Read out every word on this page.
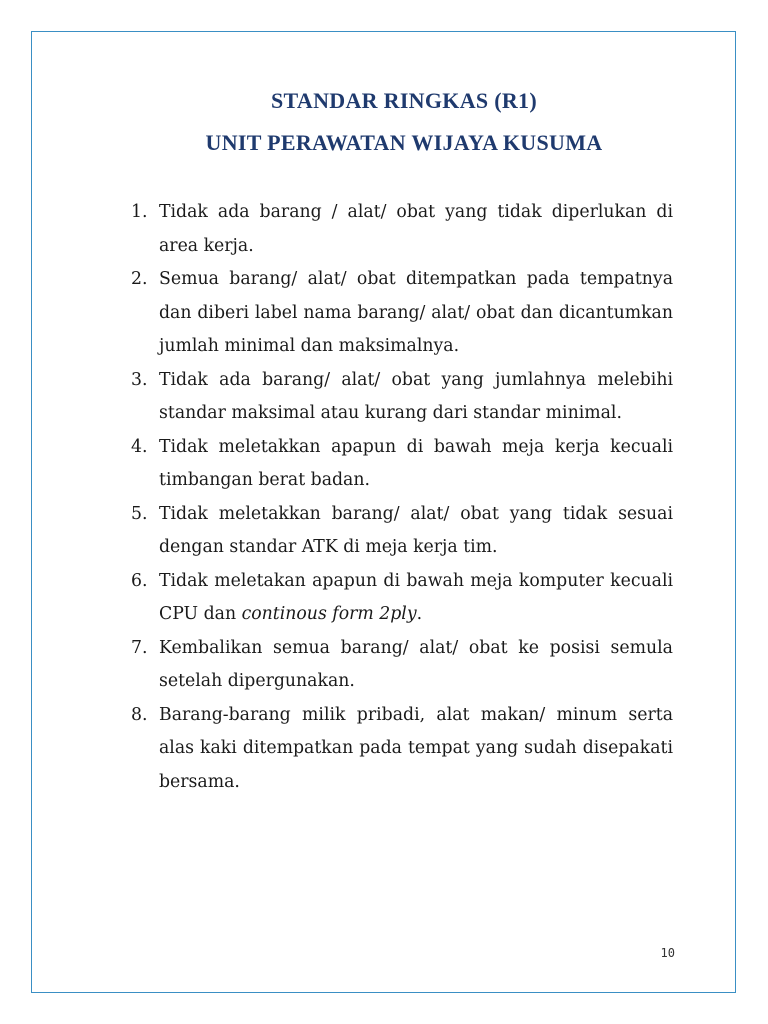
STANDAR RINGKAS (R1)
UNIT PERAWATAN WIJAYA KUSUMA
1. Tidak ada barang / alat/ obat yang tidak diperlukan di area kerja.
2. Semua barang/ alat/ obat ditempatkan pada tempatnya dan diberi label nama barang/ alat/ obat dan dicantumkan jumlah minimal dan maksimalnya.
3. Tidak ada barang/ alat/ obat yang jumlahnya melebihi standar maksimal atau kurang dari standar minimal.
4. Tidak meletakkan apapun di bawah meja kerja kecuali timbangan berat badan.
5. Tidak meletakkan barang/ alat/ obat yang tidak sesuai dengan standar ATK di meja kerja tim.
6. Tidak meletakan apapun di bawah meja komputer kecuali CPU dan continous form 2ply.
7. Kembalikan semua barang/ alat/ obat ke posisi semula setelah dipergunakan.
8. Barang-barang milik pribadi, alat makan/ minum serta alas kaki ditempatkan pada tempat yang sudah disepakati bersama.
10
